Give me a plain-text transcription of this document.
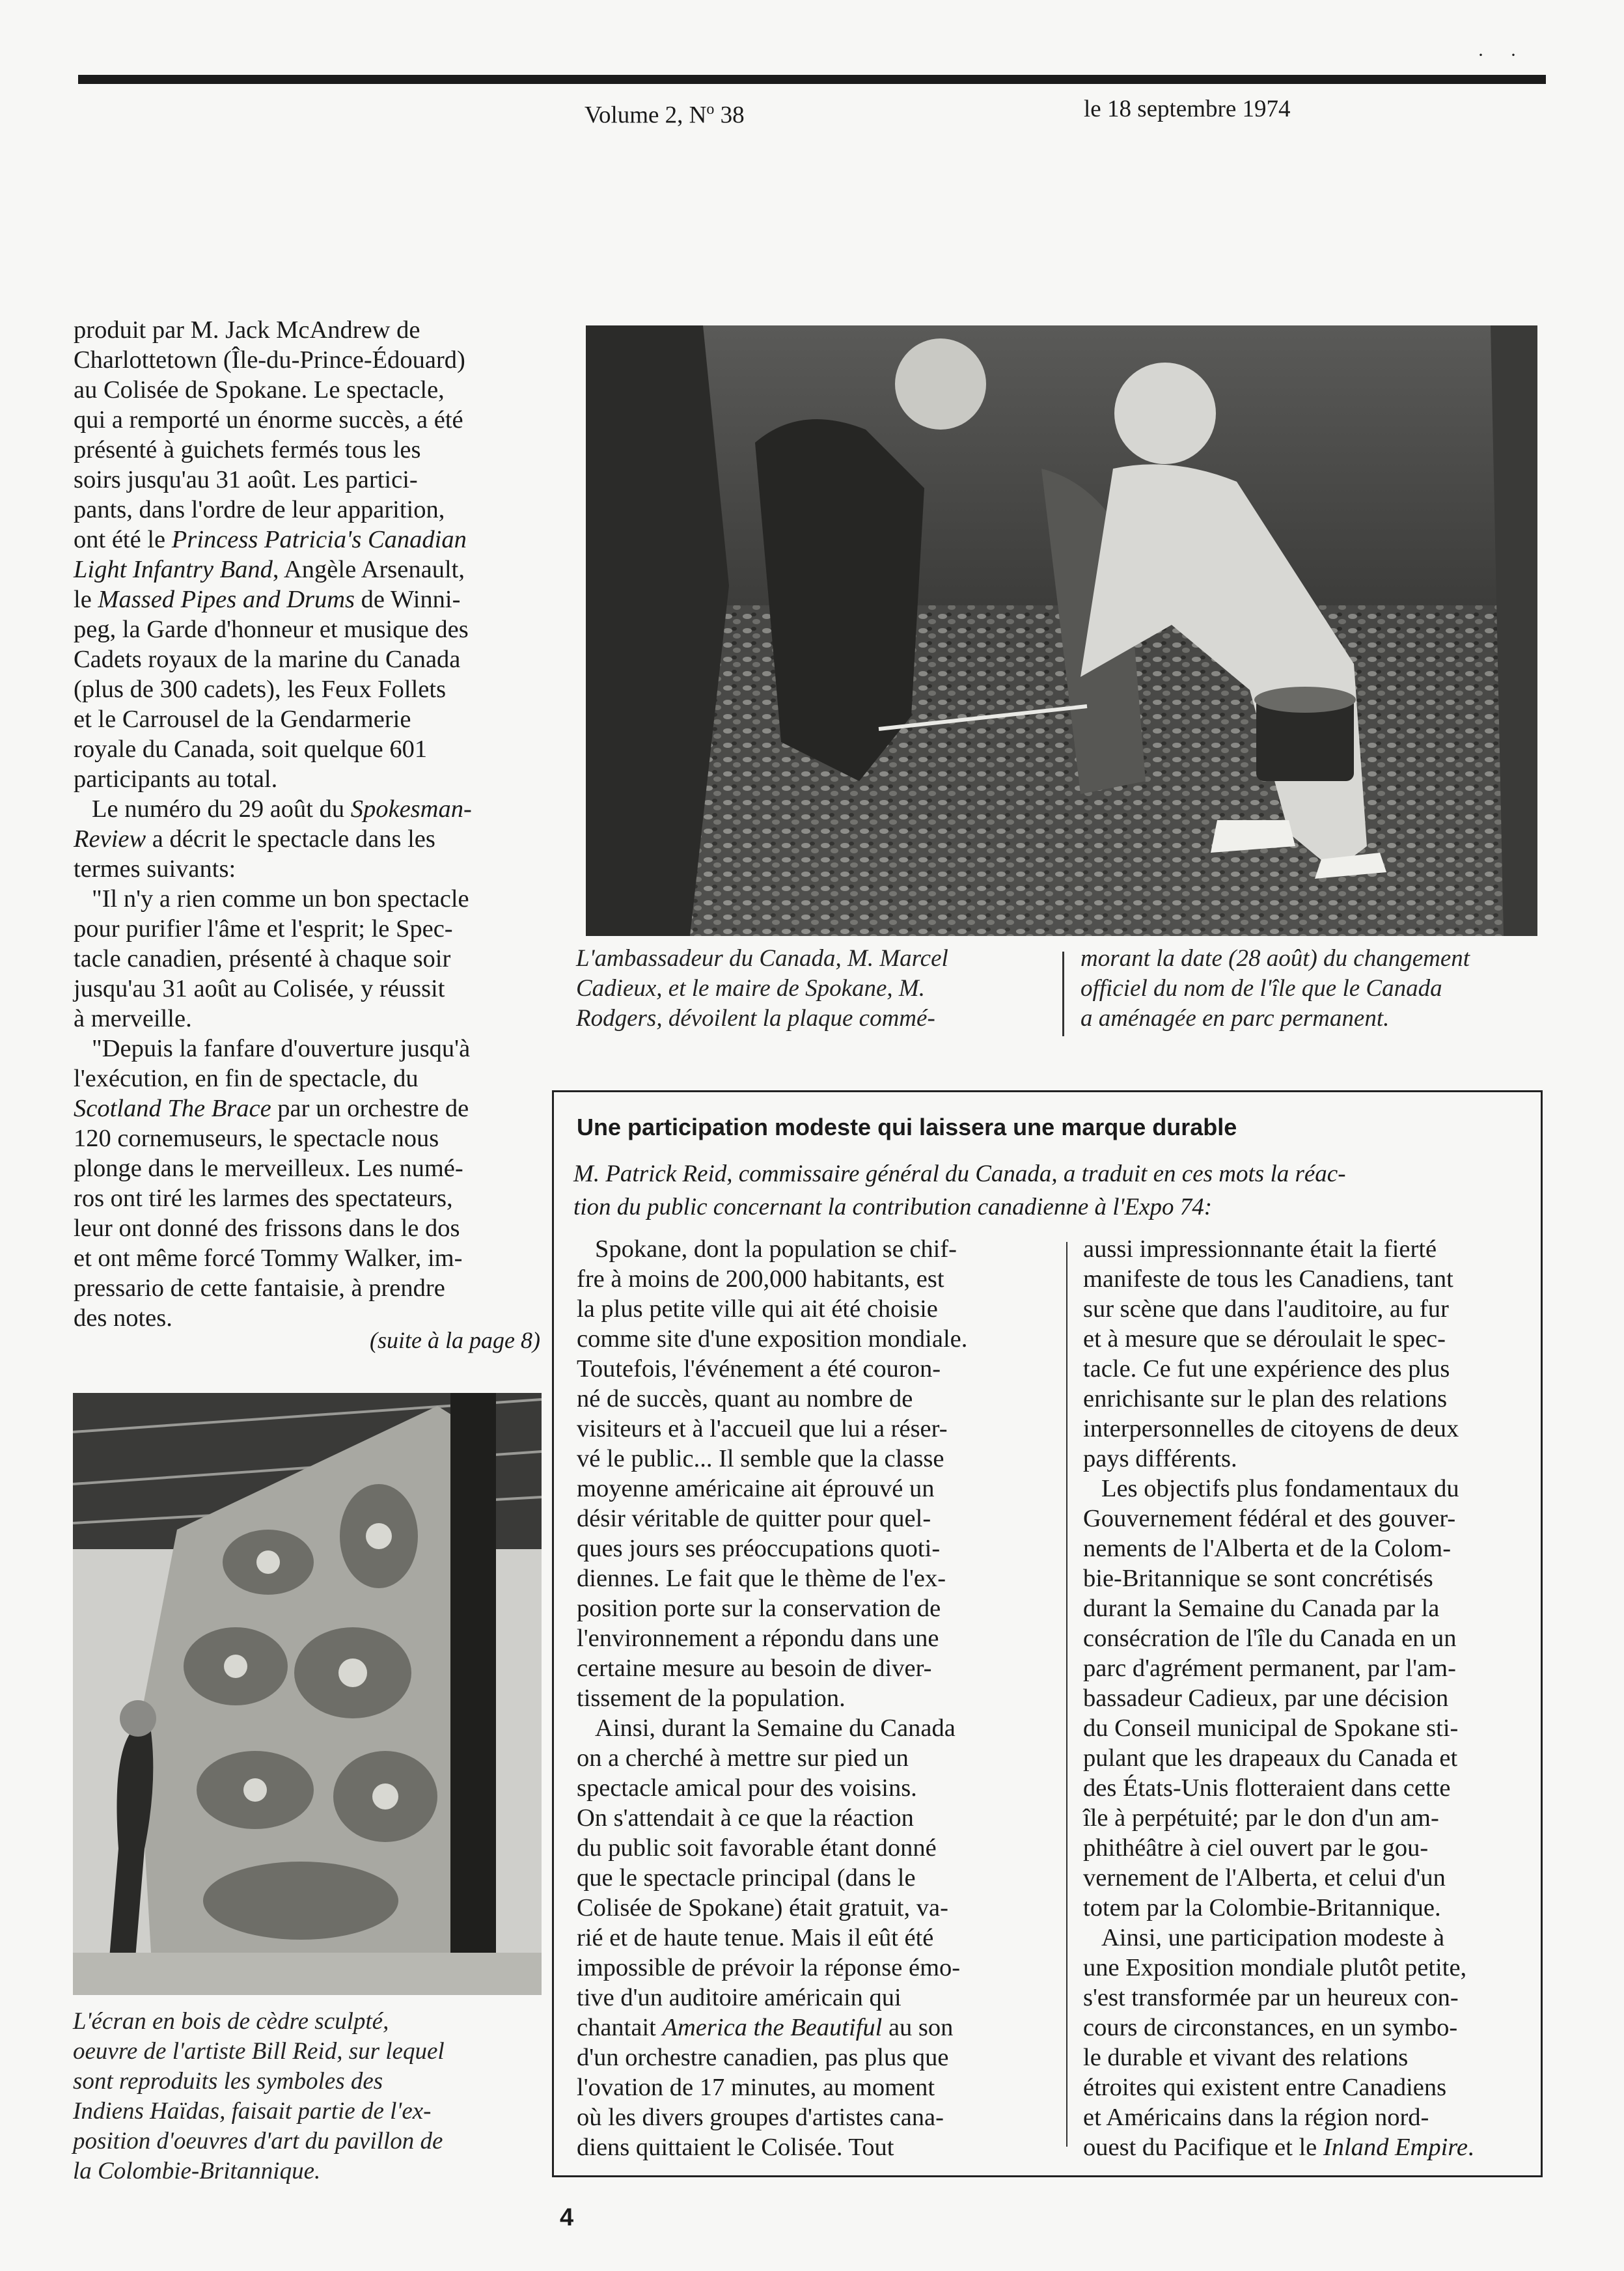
··
Volume 2, $N^o$ 38	le 18 septembre 1974

produit par M. Jack McAndrew de

Charlottetown (Île-du-Prince-Édouard)

au Colisée de Spokane. Le spectacle,

qui a remporté un énorme succès, a été

présenté à guichets fermés tous les

soirs jusqu'au 31 août. Les partici-

pants, dans l'ordre de leur apparition,

ont été le Princess Patricia's Canadian

Light Infantry Band, Angèle Arsenault,

le Massed Pipes and Drums de Winni-

peg, la Garde d'honneur et musique des

Cadets royaux de la marine du Canada

(plus de 300 cadets), les Feux Follets

et le Carrousel de la Gendarmerie

royale du Canada, soit quelque 601

participants au total.

Le numéro du 29 août du Spokesman-

Review a décrit le spectacle dans les

termes suivants:

"Il n'y a rien comme un bon spectacle

pour purifier l'âme et l'esprit; le Spec-

tacle canadien, présenté à chaque soir

jusqu'au 31 août au Colisée, y réussit

à merveille.

"Depuis la fanfare d'ouverture jusqu'à

l'exécution, en fin de spectacle, du

Scotland The Brace par un orchestre de

120 cornemuseurs, le spectacle nous

plonge dans le merveilleux. Les numé-

ros ont tiré les larmes des spectateurs,

leur ont donné des frissons dans le dos

et ont même forcé Tommy Walker, im-

pressario de cette fantaisie, à prendre

des notes.

(suite à la page 8)

L'ambassadeur du Canada, M. Marcel

Cadieux, et le maire de Spokane, M.

Rodgers, dévoilent la plaque commé-

morant la date (28 août) du changement

officiel du nom de l'île que le Canada

a aménagée en parc permanent.

L'écran en bois de cèdre sculpté,

oeuvre de l'artiste Bill Reid, sur lequel

sont reproduits les symboles des

Indiens Haïdas, faisait partie de l'ex-

position d'oeuvres d'art du pavillon de

la Colombie-Britannique.

Une participation modeste qui laissera une marque durable

M. Patrick Reid, commissaire général du Canada, a traduit en ces mots la réac-

tion du public concernant la contribution canadienne à l'Expo 74:

Spokane, dont la population se chif-

fre à moins de 200,000 habitants, est

la plus petite ville qui ait été choisie

comme site d'une exposition mondiale.

Toutefois, l'événement a été couron-

né de succès, quant au nombre de

visiteurs et à l'accueil que lui a réser-

vé le public... Il semble que la classe

moyenne américaine ait éprouvé un

désir véritable de quitter pour quel-

ques jours ses préoccupations quoti-

diennes. Le fait que le thème de l'ex-

position porte sur la conservation de

l'environnement a répondu dans une

certaine mesure au besoin de diver-

tissement de la population.

Ainsi, durant la Semaine du Canada

on a cherché à mettre sur pied un

spectacle amical pour des voisins.

On s'attendait à ce que la réaction

du public soit favorable étant donné

que le spectacle principal (dans le

Colisée de Spokane) était gratuit, va-

rié et de haute tenue. Mais il eût été

impossible de prévoir la réponse émo-

tive d'un auditoire américain qui

chantait America the Beautiful au son

d'un orchestre canadien, pas plus que

l'ovation de 17 minutes, au moment

où les divers groupes d'artistes cana-

diens quittaient le Colisée. Tout

aussi impressionnante était la fierté

manifeste de tous les Canadiens, tant

sur scène que dans l'auditoire, au fur

et à mesure que se déroulait le spec-

tacle. Ce fut une expérience des plus

enrichisante sur le plan des relations

interpersonnelles de citoyens de deux

pays différents.

Les objectifs plus fondamentaux du

Gouvernement fédéral et des gouver-

nements de l'Alberta et de la Colom-

bie-Britannique se sont concrétisés

durant la Semaine du Canada par la

consécration de l'île du Canada en un

parc d'agrément permanent, par l'am-

bassadeur Cadieux, par une décision

du Conseil municipal de Spokane sti-

pulant que les drapeaux du Canada et

des États-Unis flotteraient dans cette

île à perpétuité; par le don d'un am-

phithéâtre à ciel ouvert par le gou-

vernement de l'Alberta, et celui d'un

totem par la Colombie-Britannique.

Ainsi, une participation modeste à

une Exposition mondiale plutôt petite,

s'est transformée par un heureux con-

cours de circonstances, en un symbo-

le durable et vivant des relations

étroites qui existent entre Canadiens

et Américains dans la région nord-

ouest du Pacifique et le Inland Empire.

4
